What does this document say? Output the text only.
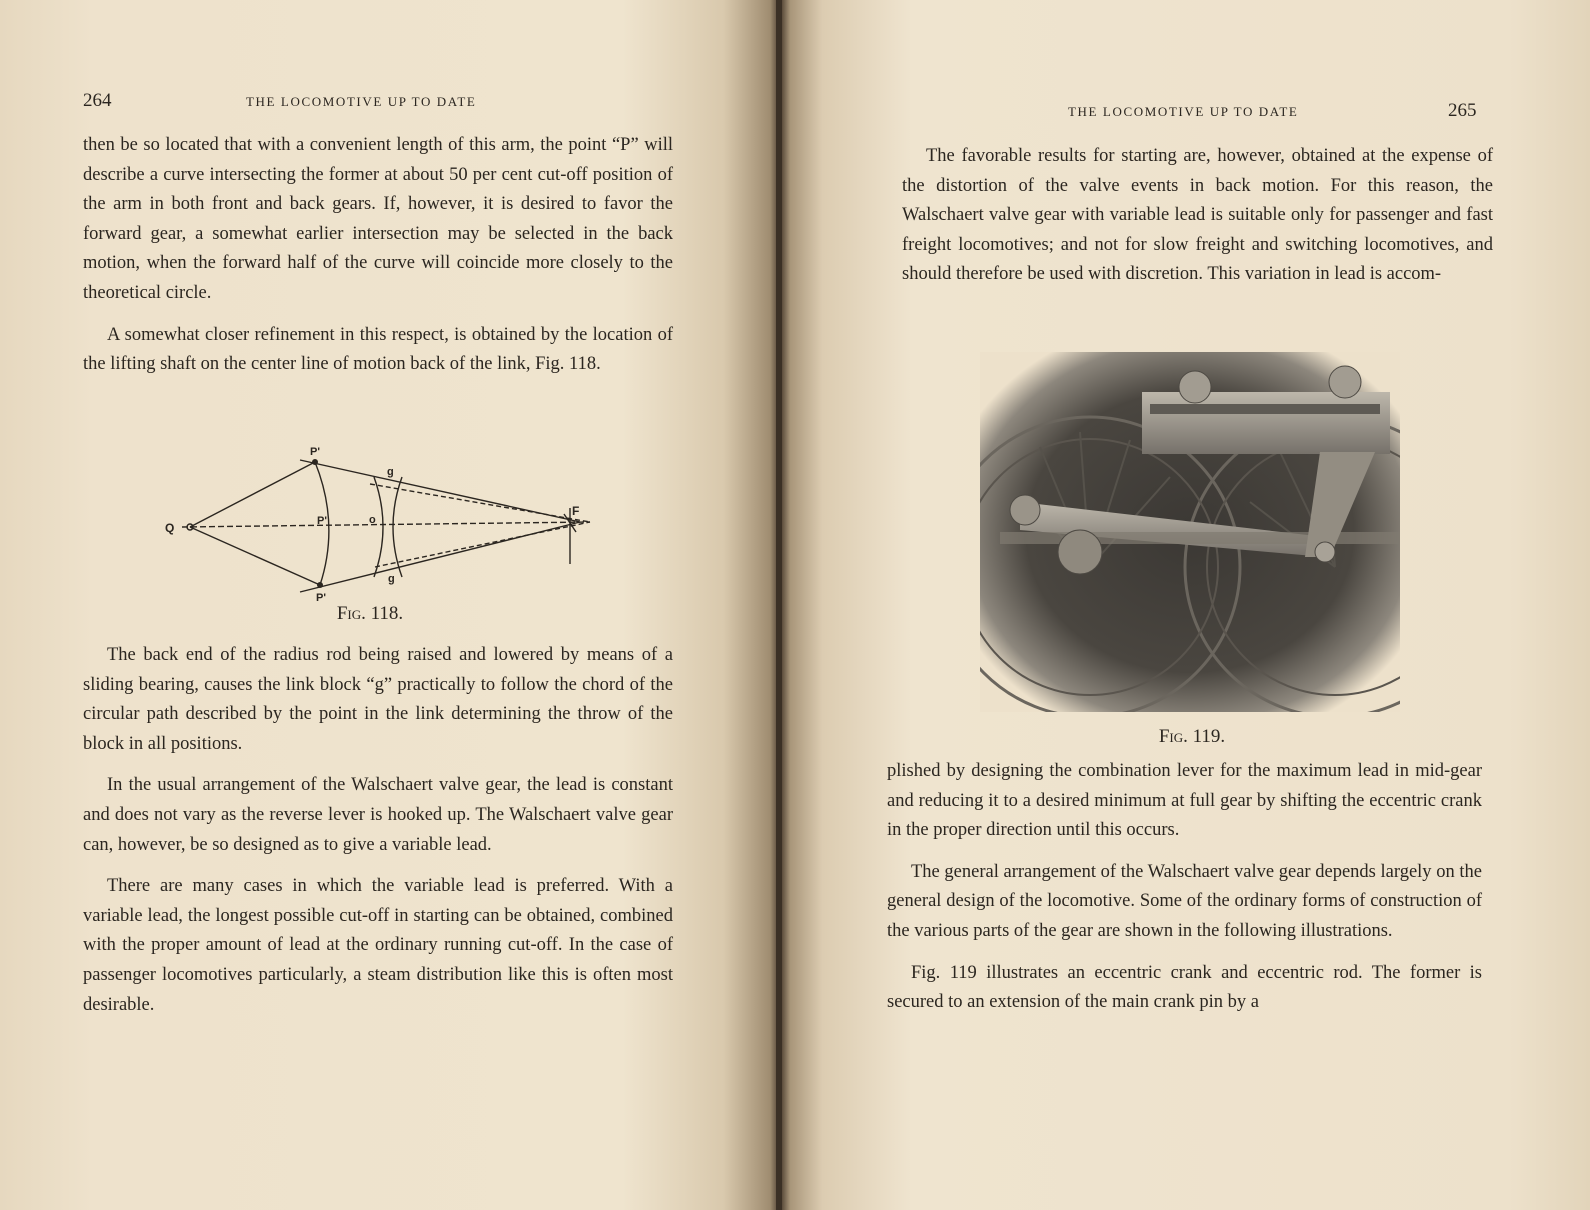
264	THE LOCOMOTIVE UP TO DATE

then be so located that with a convenient length of this arm, the point “P” will describe a curve intersecting the former at about 50 per cent cut-off position of the arm in both front and back gears. If, however, it is desired to favor the forward gear, a somewhat earlier intersection may be selected in the back motion, when the forward half of the curve will coincide more closely to the theoretical circle.

A somewhat closer refinement in this respect, is obtained by the location of the lifting shaft on the center line of motion back of the link, Fig. 118.

P'
P'
P'
Q
o
g
g
F
Fig. 118.

The back end of the radius rod being raised and lowered by means of a sliding bearing, causes the link block “g” practically to follow the chord of the circular path described by the point in the link determining the throw of the block in all positions.

In the usual arrangement of the Walschaert valve gear, the lead is constant and does not vary as the reverse lever is hooked up. The Walschaert valve gear can, however, be so designed as to give a variable lead.

There are many cases in which the variable lead is preferred. With a variable lead, the longest possible cut-off in starting can be obtained, combined with the proper amount of lead at the ordinary running cut-off. In the case of passenger locomotives particularly, a steam distribution like this is often most desirable.

THE LOCOMOTIVE UP TO DATE	265

The favorable results for starting are, however, obtained at the expense of the distortion of the valve events in back motion. For this reason, the Walschaert valve gear with variable lead is suitable only for passenger and fast freight locomotives; and not for slow freight and switching locomotives, and should therefore be used with discretion. This variation in lead is accom-

Fig. 119.

plished by designing the combination lever for the maximum lead in mid-gear and reducing it to a desired minimum at full gear by shifting the eccentric crank in the proper direction until this occurs.

The general arrangement of the Walschaert valve gear depends largely on the general design of the locomotive. Some of the ordinary forms of construction of the various parts of the gear are shown in the following illustrations.

Fig. 119 illustrates an eccentric crank and eccentric rod. The former is secured to an extension of the main crank pin by a
